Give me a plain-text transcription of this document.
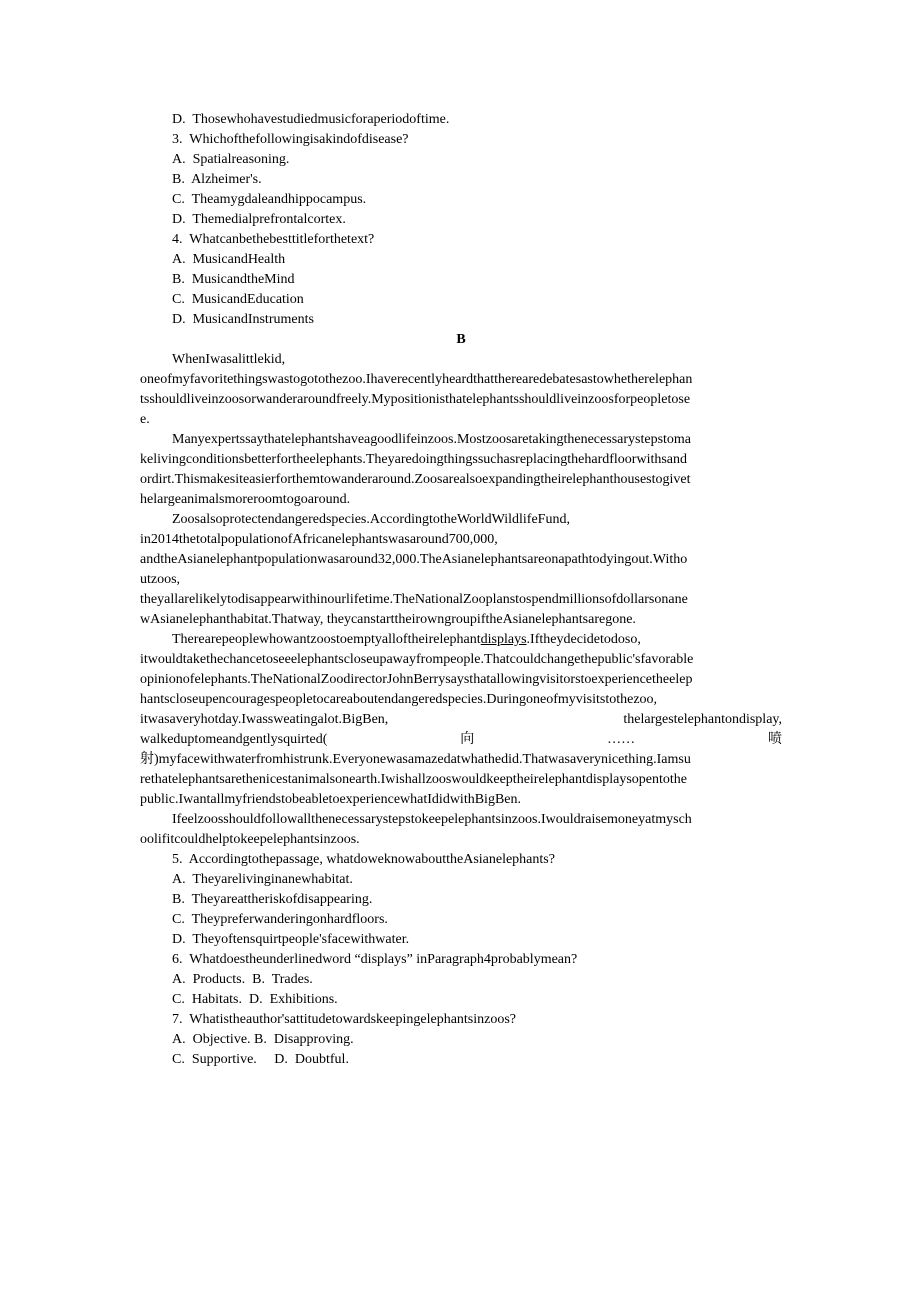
D.  Thosewhohavestudiedmusicforaperiodoftime.
3.  Whichofthefollowingisakindofdisease?
A.  Spatialreasoning.
B.  Alzheimer's.
C.  Theamygdaleandhippocampus.
D.  Themedialprefrontalcortex.
4.  Whatcanbethebesttitleforthetext?
A.  MusicandHealth
B.  MusicandtheMind
C.  MusicandEducation
D.  MusicandInstruments
B
WhenIwasalittlekid,
oneofmyfavoritethingswastogotothezoo.Ihaverecentlyheardthattherearedebatesastowhetherelephan
tsshouldliveinzoosorwanderaroundfreely.Mypositionisthatelephantsshouldliveinzoosforpeopletose
e.
Manyexpertssaythatelephantshaveagoodlifeinzoos.Mostzoosaretakingthenecessarystepstoma
kelivingconditionsbetterfortheelephants.Theyaredoingthingssuchasreplacingthehardfloorwithsand
ordirt.Thismakesiteasierforthemtowanderaround.Zoosarealsoexpandingtheirelephanthousestogivet
helargeanimalsmoreroomtogoaround.
Zoosalsoprotectendangeredspecies.AccordingtotheWorldWildlifeFund,
in2014thetotalpopulationofAfricanelephantswasaround700,000,
andtheAsianelephantpopulationwasaround32,000.TheAsianelephantsareonapathtodyingout.Witho
utzoos,
theyallarelikelytodisappearwithinourlifetime.TheNationalZooplanstospendmillionsofdollarsonane
wAsianelephanthabitat.Thatway, theycanstarttheirowngroupiftheAsianelephantsaregone.
Therearepeoplewhowantzoostoemptyalloftheirelephantdisplays.Iftheydecidetodoso,
itwouldtakethechancetoseeelephantscloseupawayfrompeople.Thatcouldchangethepublic'sfavorable
opinionofelephants.TheNationalZoodirectorJohnBerrysaysthatallowingvisitorstoexperiencetheelep
hantscloseupencouragespeopletocareaboutendangeredspecies.Duringoneofmyvisitstothezoo,
itwasaveryhotday.Iwassweatingalot.BigBen,	thelargestelephantondisplay,
walkeduptomeandgentlysquirted(	向	……	喷
射)myfacewithwaterfromhistrunk.Everyonewasamazedatwhathedid.Thatwasaverynicething.Iamsu
rethatelephantsarethenicestanimalsonearth.Iwishallzooswouldkeeptheirelephantdisplaysopentothe
public.IwantallmyfriendstobeabletoexperiencewhatIdidwithBigBen.
Ifeelzoosshouldfollowallthenecessarystepstokeepelephantsinzoos.Iwouldraisemoneyatmysch
oolifitcouldhelptokeepelephantsinzoos.
5.  Accordingtothepassage, whatdoweknowabouttheAsianelephants?
A.  Theyarelivinginanewhabitat.
B.  Theyareattheriskofdisappearing.
C.  Theypreferwanderingonhardfloors.
D.  Theyoftensquirtpeople'sfacewithwater.
6.  Whatdoestheunderlinedword “displays” inParagraph4probablymean?
A.  Products.  B.  Trades.
C.  Habitats.  D.  Exhibitions.
7.  Whatistheauthor'sattitudetowardskeepingelephantsinzoos?
A.  Objective. B.  Disapproving.
C.  Supportive.     D.  Doubtful.
